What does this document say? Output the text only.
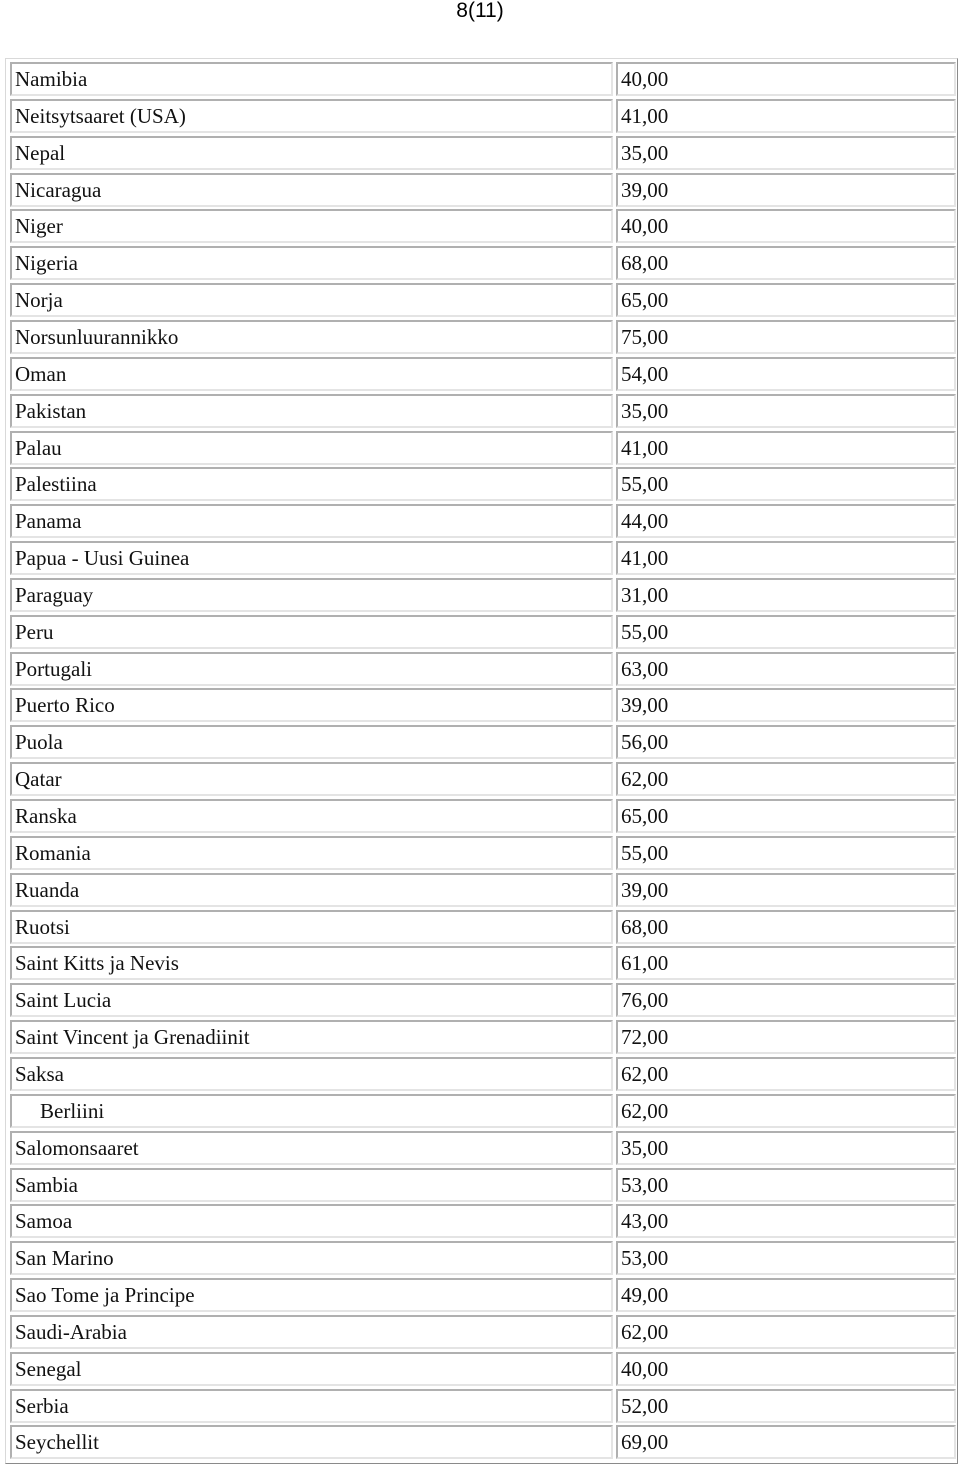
8(11)
Namibia	40,00
Neitsytsaaret (USA)	41,00
Nepal	35,00
Nicaragua	39,00
Niger	40,00
Nigeria	68,00
Norja	65,00
Norsunluurannikko	75,00
Oman	54,00
Pakistan	35,00
Palau	41,00
Palestiina	55,00
Panama	44,00
Papua - Uusi Guinea	41,00
Paraguay	31,00
Peru	55,00
Portugali	63,00
Puerto Rico	39,00
Puola	56,00
Qatar	62,00
Ranska	65,00
Romania	55,00
Ruanda	39,00
Ruotsi	68,00
Saint Kitts ja Nevis	61,00
Saint Lucia	76,00
Saint Vincent ja Grenadiinit	72,00
Saksa	62,00
Berliini	62,00
Salomonsaaret	35,00
Sambia	53,00
Samoa	43,00
San Marino	53,00
Sao Tome ja Principe	49,00
Saudi-Arabia	62,00
Senegal	40,00
Serbia	52,00
Seychellit	69,00
